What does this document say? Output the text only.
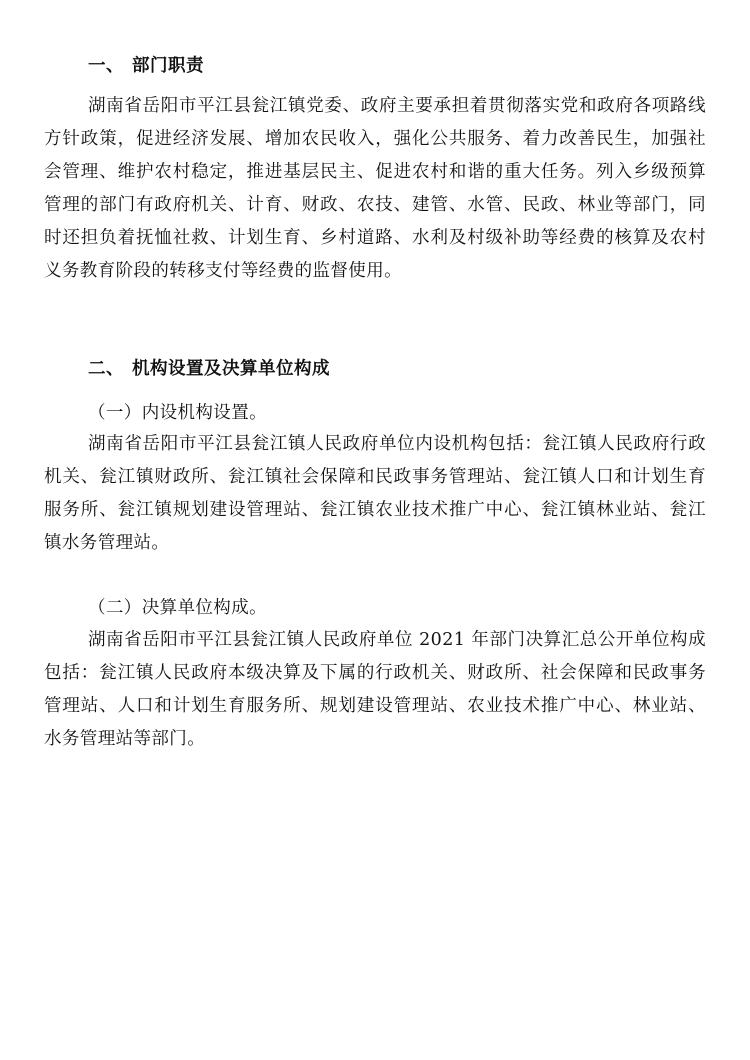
一、 部门职责

湖南省岳阳市平江县瓮江镇党委、政府主要承担着贯彻落实党和政府各项路线方针政策，促进经济发展、增加农民收入，强化公共服务、着力改善民生，加强社会管理、维护农村稳定，推进基层民主、促进农村和谐的重大任务。列入乡级预算管理的部门有政府机关、计育、财政、农技、建管、水管、民政、林业等部门，同时还担负着抚恤社救、计划生育、乡村道路、水利及村级补助等经费的核算及农村义务教育阶段的转移支付等经费的监督使用。

二、 机构设置及决算单位构成

（一）内设机构设置。

湖南省岳阳市平江县瓮江镇人民政府单位内设机构包括：瓮江镇人民政府行政机关、瓮江镇财政所、瓮江镇社会保障和民政事务管理站、瓮江镇人口和计划生育服务所、瓮江镇规划建设管理站、瓮江镇农业技术推广中心、瓮江镇林业站、瓮江镇水务管理站。

（二）决算单位构成。

湖南省岳阳市平江县瓮江镇人民政府单位 2021 年部门决算汇总公开单位构成包括：瓮江镇人民政府本级决算及下属的行政机关、财政所、社会保障和民政事务管理站、人口和计划生育服务所、规划建设管理站、农业技术推广中心、林业站、水务管理站等部门。
